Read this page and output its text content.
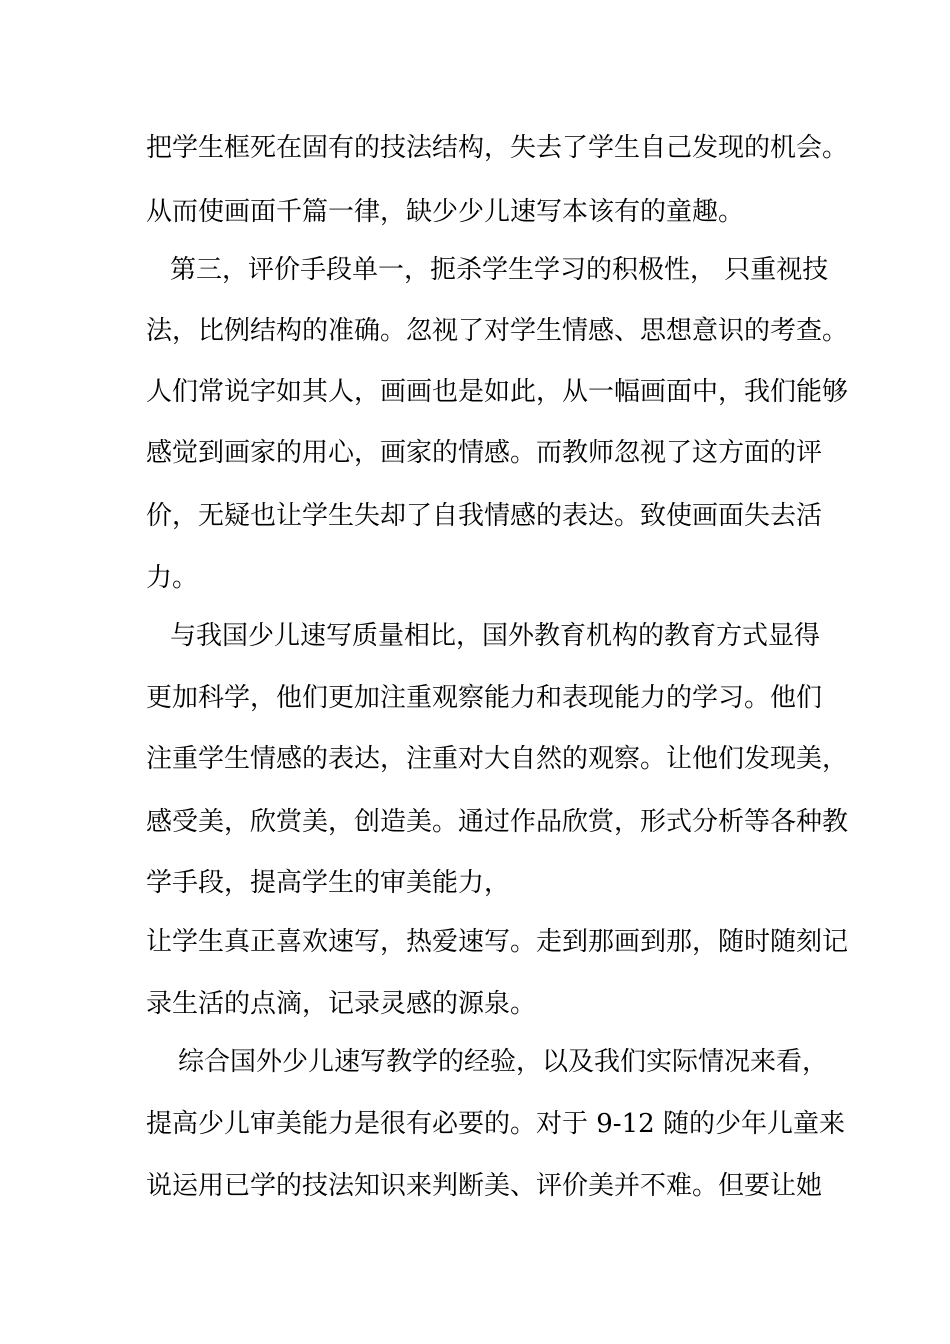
把学生框死在固有的技法结构，失去了学生自己发现的机会。
从而使画面千篇一律，缺少少儿速写本该有的童趣。
第三，评价手段单一，扼杀学生学习的积极性， 只重视技
法，比例结构的准确。忽视了对学生情感、思想意识的考查。
人们常说字如其人，画画也是如此，从一幅画面中，我们能够
感觉到画家的用心，画家的情感。而教师忽视了这方面的评
价，无疑也让学生失却了自我情感的表达。致使画面失去活
力。
与我国少儿速写质量相比，国外教育机构的教育方式显得
更加科学，他们更加注重观察能力和表现能力的学习。他们
注重学生情感的表达，注重对大自然的观察。让他们发现美，
感受美，欣赏美，创造美。通过作品欣赏，形式分析等各种教
学手段，提高学生的审美能力，
让学生真正喜欢速写，热爱速写。走到那画到那，随时随刻记
录生活的点滴，记录灵感的源泉。
综合国外少儿速写教学的经验，以及我们实际情况来看，
提高少儿审美能力是很有必要的。对于 9-12 随的少年儿童来
说运用已学的技法知识来判断美、评价美并不难。但要让她
